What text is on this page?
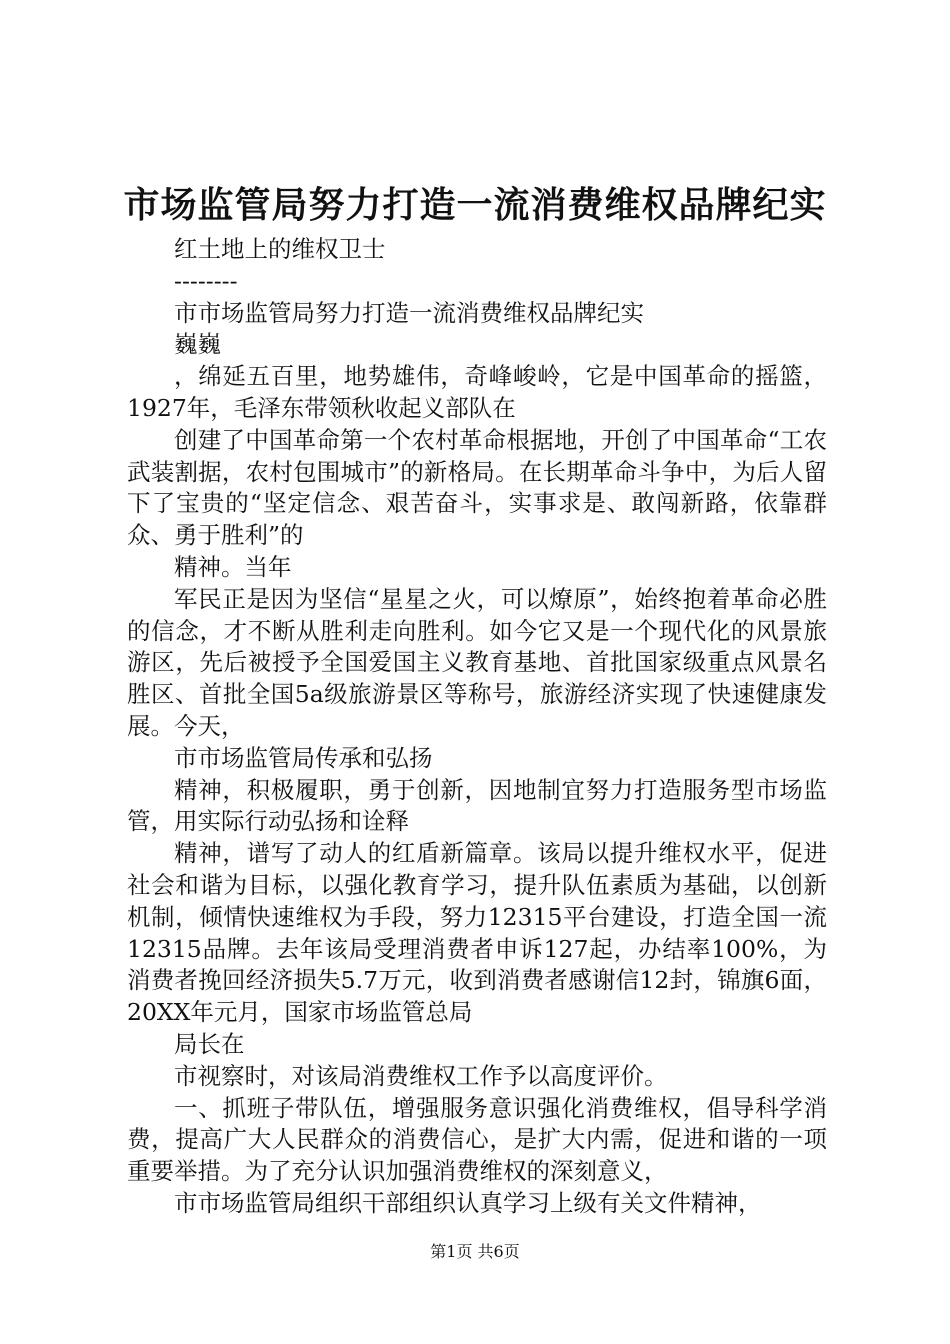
市场监管局努力打造一流消费维权品牌纪实

红土地上的维权卫士

--------

市市场监管局努力打造一流消费维权品牌纪实

巍巍

，绵延五百里，地势雄伟，奇峰峻岭，它是中国革命的摇篮，1927年，毛泽东带领秋收起义部队在

创建了中国革命第一个农村革命根据地，开创了中国革命“工农武装割据，农村包围城市”的新格局。在长期革命斗争中，为后人留下了宝贵的“坚定信念、艰苦奋斗，实事求是、敢闯新路，依靠群众、勇于胜利”的

精神。当年

军民正是因为坚信“星星之火，可以燎原”，始终抱着革命必胜的信念，才不断从胜利走向胜利。如今它又是一个现代化的风景旅游区，先后被授予全国爱国主义教育基地、首批国家级重点风景名胜区、首批全国5a级旅游景区等称号，旅游经济实现了快速健康发展。今天，

市市场监管局传承和弘扬

精神，积极履职，勇于创新，因地制宜努力打造服务型市场监管，用实际行动弘扬和诠释

精神，谱写了动人的红盾新篇章。该局以提升维权水平，促进社会和谐为目标，以强化教育学习，提升队伍素质为基础，以创新机制，倾情快速维权为手段，努力12315平台建设，打造全国一流12315品牌。去年该局受理消费者申诉127起，办结率100%，为消费者挽回经济损失5.7万元，收到消费者感谢信12封，锦旗6面，20XX年元月，国家市场监管总局

局长在

市视察时，对该局消费维权工作予以高度评价。

一、抓班子带队伍，增强服务意识强化消费维权，倡导科学消费，提高广大人民群众的消费信心，是扩大内需，促进和谐的一项重要举措。为了充分认识加强消费维权的深刻意义，

市市场监管局组织干部组织认真学习上级有关文件精神，

第1页 共6页
